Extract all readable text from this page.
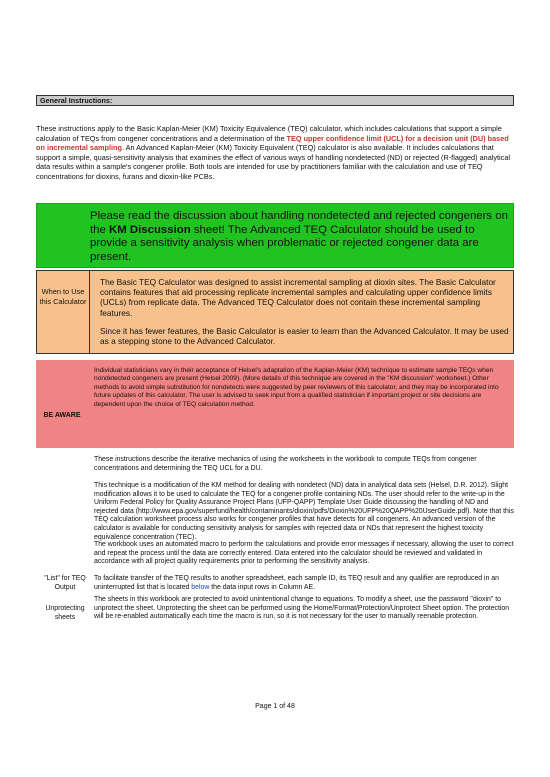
General Instructions:
These instructions apply to the Basic Kaplan-Meier (KM) Toxicity Equivalence (TEQ) calculator, which includes calculations that support a simple calculation of TEQs from congener concentrations and a determination of the TEQ upper confidence limit (UCL) for a decision unit (DU) based on incremental sampling. An Advanced Kaplan-Meier (KM) Toxicity Equivalent (TEQ) calculator is also available. It includes calculations that support a simple, quasi-sensitivity analysis that examines the effect of various ways of handling nondetected (ND) or rejected (R-flagged) analytical data results within a sample's congener profile. Both tools are intended for use by practitioners familiar with the calculation and use of TEQ concentrations for dioxins, furans and dioxin-like PCBs.
Please read the discussion about handling nondetected and rejected congeners on the KM Discussion sheet! The Advanced TEQ Calculator should be used to provide a sensitivity analysis when problematic or rejected congener data are present.
When to Use this Calculator
The Basic TEQ Calculator was designed to assist incremental sampling at dioxin sites. The Basic Calculator contains features that aid processing replicate incremental samples and calculating upper confidence limits (UCLs) from replicate data. The Advanced TEQ Calculator does not contain these incremental sampling features.
Since it has fewer features, the Basic Calculator is easier to learn than the Advanced Calculator. It may be used as a stepping stone to the Advanced Calculator.
BE AWARE
Individual statisticians vary in their acceptance of Helsel's adaptation of the Kaplan-Meier (KM) technique to estimate sample TEQs when nondetected congeners are present (Helsel 2009). (More details of this technique are covered in the "KM discussion" worksheet.) Other methods to avoid simple substitution for nondetects were suggested by peer reviewers of this calculator, and they may be incorporated into future updates of this calculator. The user is advised to seek input from a qualified statistician if important project or site decisions are dependent upon the choice of TEQ calculation method.
These instructions describe the iterative mechanics of using the worksheets in the workbook to compute TEQs from congener concentrations and determining the TEQ UCL for a DU.
This technique is a modification of the KM method for dealing with nondetect (ND) data in analytical data sets (Helsel, D.R. 2012). Slight modification allows it to be used to calculate the TEQ for a congener profile containing NDs. The user should refer to the write-up in the Uniform Federal Policy for Quality Assurance Project Plans (UFP-QAPP) Template User Guide discussing the handling of ND and rejected data (http://www.epa.gov/superfund/health/contaminants/dioxin/pdfs/Dioxin%20UFP%20QAPP%20UserGuide.pdf). Note that this TEQ calculation worksheet process also works for congener profiles that have detects for all congeners. An advanced version of the calculator is available for conducting sensitivity analysis for samples with rejected data or NDs that represent the highest toxicity equivalence concentration (TEC).
The workbook uses an automated macro to perform the calculations and provide error messages if necessary, allowing the user to correct and repeat the process until the data are correctly entered. Data entered into the calculator should be reviewed and validated in accordance with all project quality requirements prior to performing the sensitivity analysis.
"List" for TEQ Output
To facilitate transfer of the TEQ results to another spreadsheet, each sample ID, its TEQ result and any qualifier are reproduced in an uninterrupted list that is located below the data input rows in Column AE.
Unprotecting sheets
The sheets in this workbook are protected to avoid unintentional change to equations. To modify a sheet, use the password "dioxin" to unprotect the sheet. Unprotecting the sheet can be performed using the Home/Format/Protection/Unprotect Sheet option. The protection will be re-enabled automatically each time the macro is run, so it is not necessary for the user to manually reenable protection.
Page 1 of 48
